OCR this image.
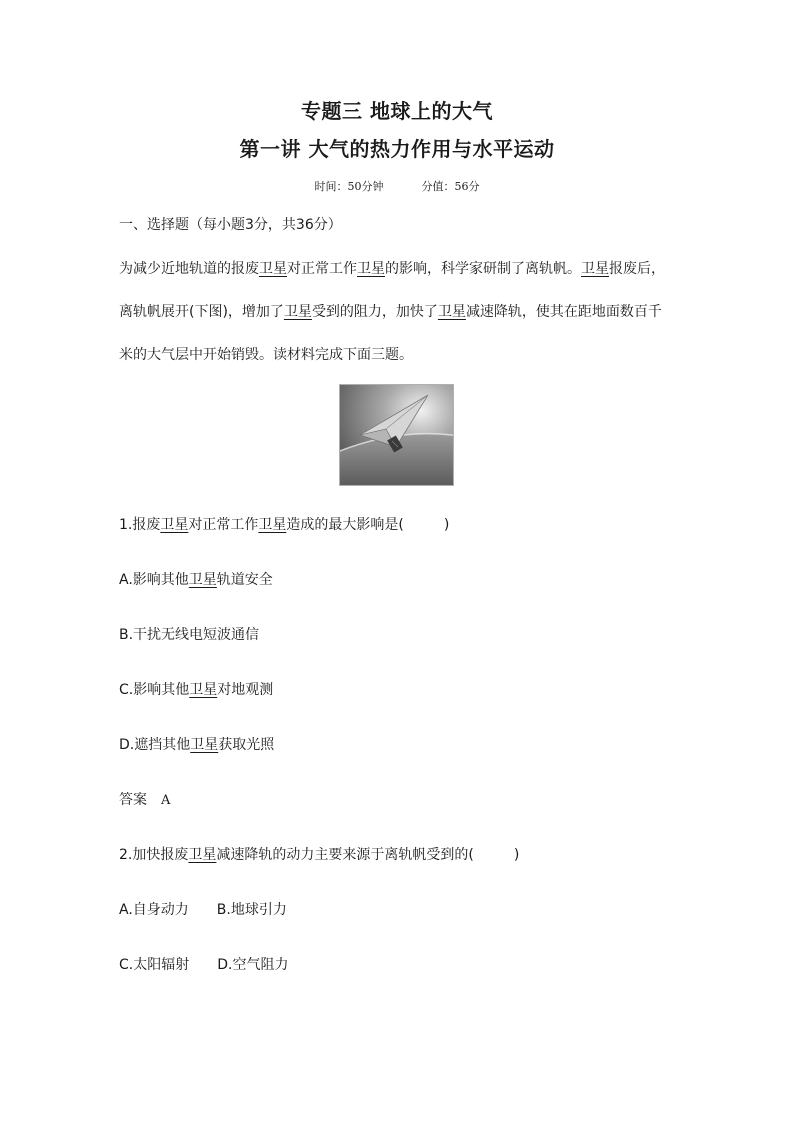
专题三 地球上的大气
第一讲 大气的热力作用与水平运动
时间：50分钟	分值：56分
一、选择题（每小题3分，共36分）
为减少近地轨道的报废卫星对正常工作卫星的影响，科学家研制了离轨帆。卫星报废后，
离轨帆展开(下图)，增加了卫星受到的阻力，加快了卫星减速降轨，使其在距地面数百千
米的大气层中开始销毁。读材料完成下面三题。
1.报废卫星对正常工作卫星造成的最大影响是(	)
A.影响其他卫星轨道安全
B.干扰无线电短波通信
C.影响其他卫星对地观测
D.遮挡其他卫星获取光照
答案 A
2.加快报废卫星减速降轨的动力主要来源于离轨帆受到的(	)
A.自身动力 B.地球引力
C.太阳辐射 D.空气阻力
